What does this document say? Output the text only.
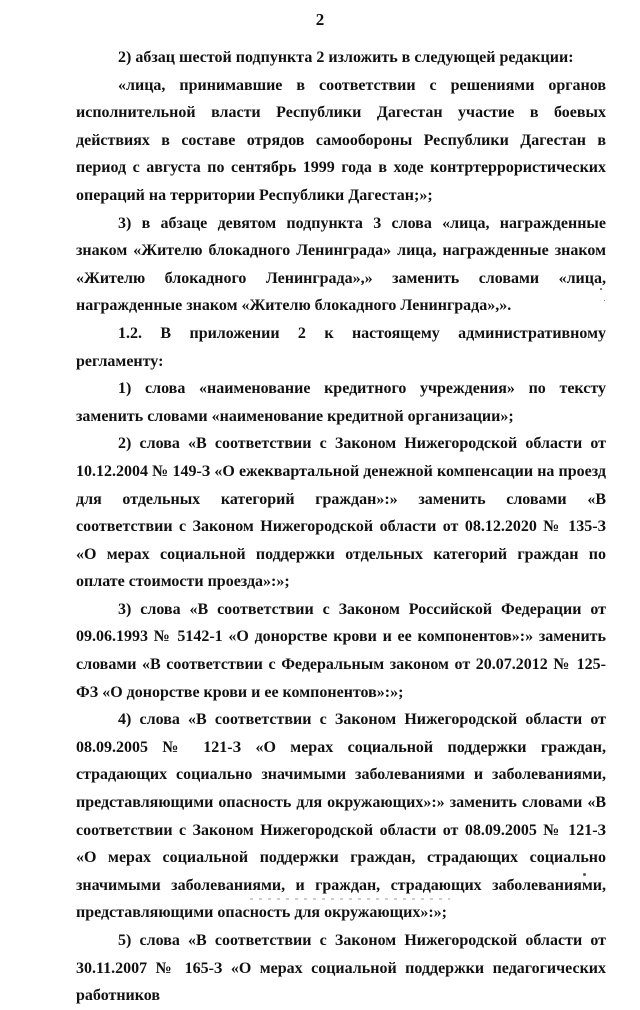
2

2) абзац шестой подпункта 2 изложить в следующей редакции:

«лица, принимавшие в соответствии с решениями органов исполнительной власти Республики Дагестан участие в боевых действиях в составе отрядов самообороны Республики Дагестан в период с августа по сентябрь 1999 года в ходе контртеррористических операций на территории Республики Дагестан;»;

3) в абзаце девятом подпункта 3 слова «лица, награжденные знаком «Жителю блокадного Ленинграда» лица, награжденные знаком «Жителю блокадного Ленинграда»,» заменить словами «лица, награжденные знаком «Жителю блокадного Ленинграда»,».

1.2. В приложении 2 к настоящему административному регламенту:

1) слова «наименование кредитного учреждения» по тексту заменить словами «наименование кредитной организации»;

2) слова «В соответствии с Законом Нижегородской области от 10.12.2004 № 149-З «О ежеквартальной денежной компенсации на проезд для отдельных категорий граждан»:» заменить словами «В соответствии с Законом Нижегородской области от 08.12.2020 № 135-З «О мерах социальной поддержки отдельных категорий граждан по оплате стоимости проезда»:»;

3) слова «В соответствии с Законом Российской Федерации от 09.06.1993 № 5142-1 «О донорстве крови и ее компонентов»:» заменить словами «В соответствии с Федеральным законом от 20.07.2012 № 125-ФЗ «О донорстве крови и ее компонентов»:»;

4) слова «В соответствии с Законом Нижегородской области от 08.09.2005 № 121-З «О мерах социальной поддержки граждан, страдающих социально значимыми заболеваниями и заболеваниями, представляющими опасность для окружающих»:» заменить словами «В соответствии с Законом Нижегородской области от 08.09.2005 № 121-З «О мерах социальной поддержки граждан, страдающих социально значимыми заболеваниями, и граждан, страдающих заболеваниями, представляющими опасность для окружающих»:»;

5) слова «В соответствии с Законом Нижегородской области от 30.11.2007 № 165-З «О мерах социальной поддержки педагогических работников
